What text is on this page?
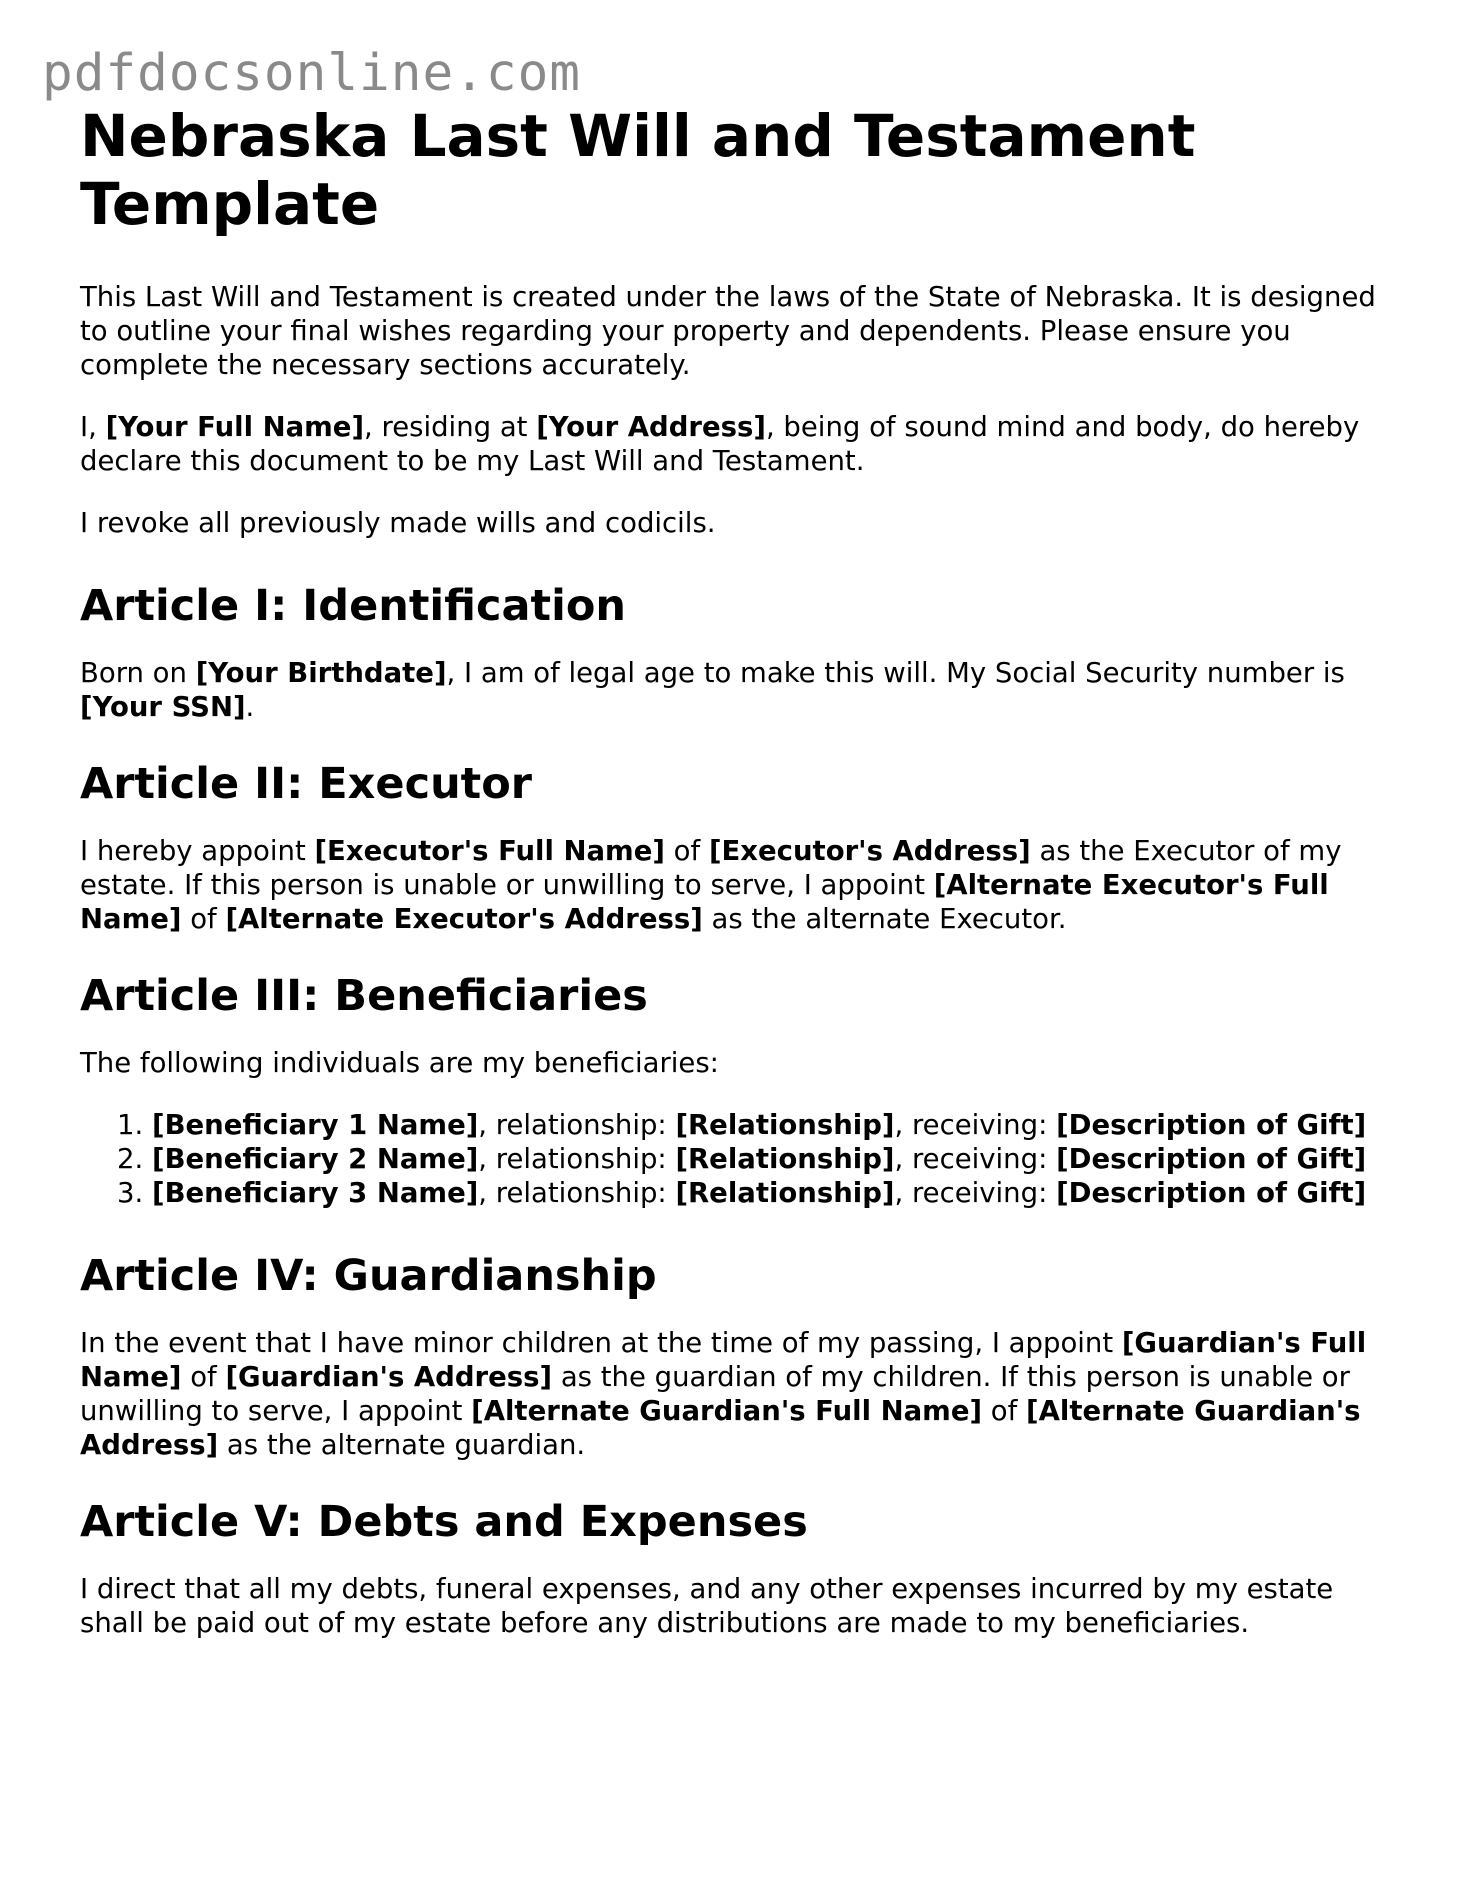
pdfdocsonline.com
Nebraska Last Will and Testament Template

This Last Will and Testament is created under the laws of the State of Nebraska. It is designed to outline your final wishes regarding your property and dependents. Please ensure you complete the necessary sections accurately.

I, [Your Full Name], residing at [Your Address], being of sound mind and body, do hereby declare this document to be my Last Will and Testament.

I revoke all previously made wills and codicils.

Article I: Identification

Born on [Your Birthdate], I am of legal age to make this will. My Social Security number is [Your SSN].

Article II: Executor

I hereby appoint [Executor's Full Name] of [Executor's Address] as the Executor of my estate. If this person is unable or unwilling to serve, I appoint [Alternate Executor's Full Name] of [Alternate Executor's Address] as the alternate Executor.

Article III: Beneficiaries

The following individuals are my beneficiaries:

1. [Beneficiary 1 Name], relationship: [Relationship], receiving: [Description of Gift]
2. [Beneficiary 2 Name], relationship: [Relationship], receiving: [Description of Gift]
3. [Beneficiary 3 Name], relationship: [Relationship], receiving: [Description of Gift]
Article IV: Guardianship

In the event that I have minor children at the time of my passing, I appoint [Guardian's Full Name] of [Guardian's Address] as the guardian of my children. If this person is unable or unwilling to serve, I appoint [Alternate Guardian's Full Name] of [Alternate Guardian's Address] as the alternate guardian.

Article V: Debts and Expenses

I direct that all my debts, funeral expenses, and any other expenses incurred by my estate shall be paid out of my estate before any distributions are made to my beneficiaries.
